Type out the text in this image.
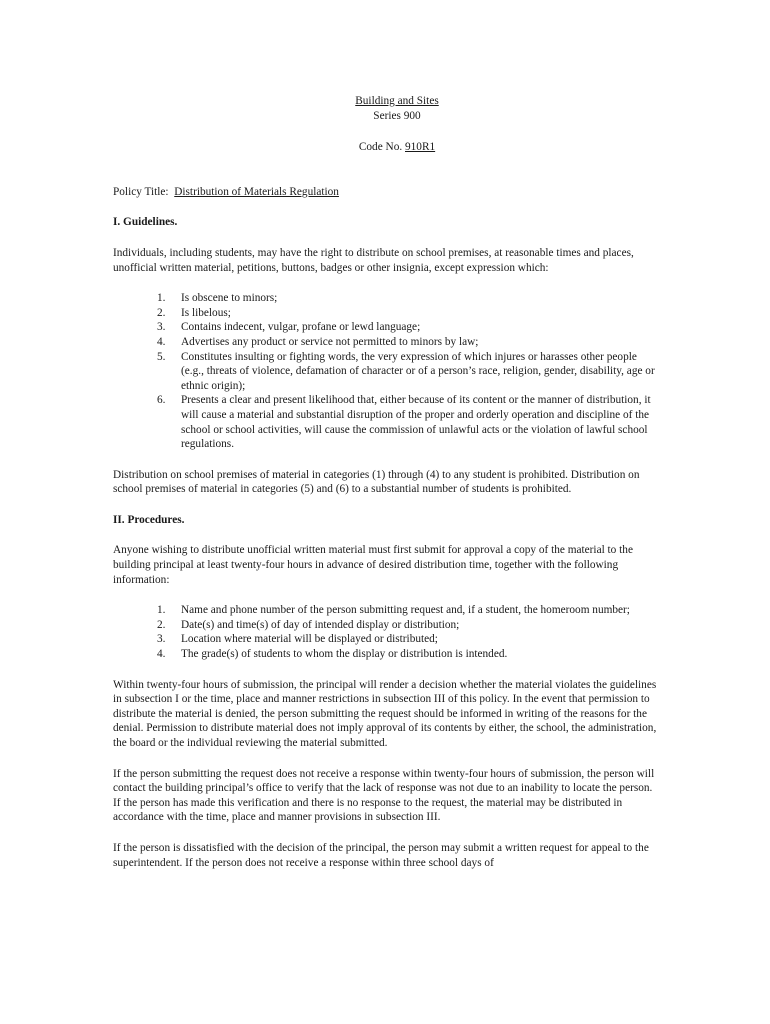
Building and Sites
Series 900

Code No. 910R1

Policy Title: Distribution of Materials Regulation

I. Guidelines.

Individuals, including students, may have the right to distribute on school premises, at reasonable times and places, unofficial written material, petitions, buttons, badges or other insignia, except expression which:

1. Is obscene to minors;
2. Is libelous;
3. Contains indecent, vulgar, profane or lewd language;
4. Advertises any product or service not permitted to minors by law;
5. Constitutes insulting or fighting words, the very expression of which injures or harasses other people (e.g., threats of violence, defamation of character or of a person’s race, religion, gender, disability, age or ethnic origin);
6. Presents a clear and present likelihood that, either because of its content or the manner of distribution, it will cause a material and substantial disruption of the proper and orderly operation and discipline of the school or school activities, will cause the commission of unlawful acts or the violation of lawful school regulations.

Distribution on school premises of material in categories (1) through (4) to any student is prohibited. Distribution on school premises of material in categories (5) and (6) to a substantial number of students is prohibited.

II. Procedures.

Anyone wishing to distribute unofficial written material must first submit for approval a copy of the material to the building principal at least twenty-four hours in advance of desired distribution time, together with the following information:

1. Name and phone number of the person submitting request and, if a student, the homeroom number;
2. Date(s) and time(s) of day of intended display or distribution;
3. Location where material will be displayed or distributed;
4. The grade(s) of students to whom the display or distribution is intended.

Within twenty-four hours of submission, the principal will render a decision whether the material violates the guidelines in subsection I or the time, place and manner restrictions in subsection III of this policy. In the event that permission to distribute the material is denied, the person submitting the request should be informed in writing of the reasons for the denial. Permission to distribute material does not imply approval of its contents by either, the school, the administration, the board or the individual reviewing the material submitted.

If the person submitting the request does not receive a response within twenty-four hours of submission, the person will contact the building principal’s office to verify that the lack of response was not due to an inability to locate the person. If the person has made this verification and there is no response to the request, the material may be distributed in accordance with the time, place and manner provisions in subsection III.

If the person is dissatisfied with the decision of the principal, the person may submit a written request for appeal to the superintendent. If the person does not receive a response within three school days of
